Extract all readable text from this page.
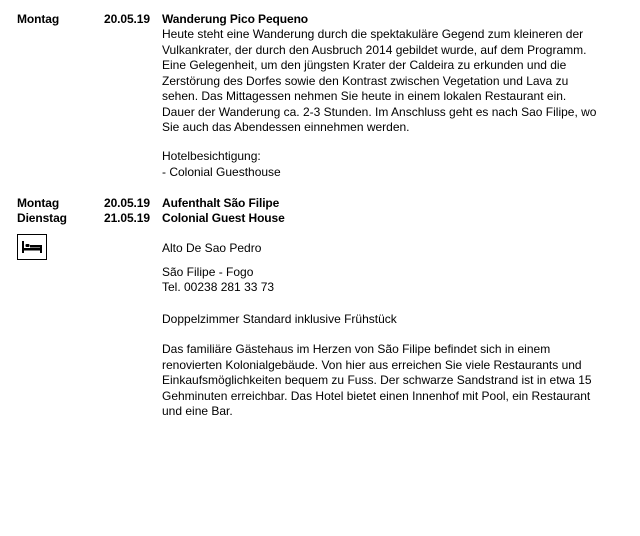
Montag	20.05.19 Wanderung Pico Pequeno
Heute steht eine Wanderung durch die spektakuläre Gegend zum kleineren der
Vulkankrater, der durch den Ausbruch 2014 gebildet wurde, auf dem Programm.
Eine Gelegenheit, um den jüngsten Krater der Caldeira zu erkunden und die
Zerstörung des Dorfes sowie den Kontrast zwischen Vegetation und Lava zu
sehen. Das Mittagessen nehmen Sie heute in einem lokalen Restaurant ein.
Dauer der Wanderung ca. 2-3 Stunden. Im Anschluss geht es nach Sao Filipe, wo
Sie auch das Abendessen einnehmen werden.
Hotelbesichtigung:
- Colonial Guesthouse
Montag	20.05.19 Aufenthalt São Filipe
Dienstag	21.05.19 Colonial Guest House
Alto De Sao Pedro
São Filipe - Fogo
Tel. 00238 281 33 73
Doppelzimmer Standard inklusive Frühstück
Das familiäre Gästehaus im Herzen von São Filipe befindet sich in einem
renovierten Kolonialgebäude. Von hier aus erreichen Sie viele Restaurants und
Einkaufsmöglichkeiten bequem zu Fuss. Der schwarze Sandstrand ist in etwa 15
Gehminuten erreichbar. Das Hotel bietet einen Innenhof mit Pool, ein Restaurant
und eine Bar.
